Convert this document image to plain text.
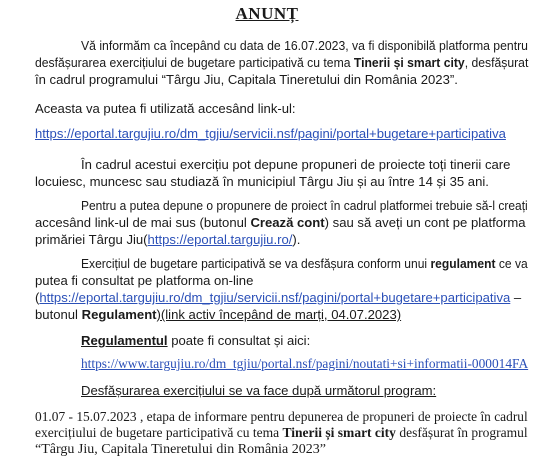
ANUNȚ
Vă informăm ca începând cu data de 16.07.2023, va fi disponibilă platforma pentru
desfășurarea exercițiului de bugetare participativă cu tema Tinerii și smart city, desfășurat
în cadrul programului “Târgu Jiu, Capitala Tineretului din România 2023”.
Aceasta va putea fi utilizată accesând link-ul:
https://eportal.targujiu.ro/dm_tgjiu/servicii.nsf/pagini/portal+bugetare+participativa
În cadrul acestui exercițiu pot depune propuneri de proiecte toți tinerii care
locuiesc, muncesc sau studiază în municipiul Târgu Jiu și au între 14 și 35 ani.
Pentru a putea depune o propunere de proiect în cadrul platformei trebuie să-l creați
accesând link-ul de mai sus (butonul Crează cont) sau să aveți un cont pe platforma
primăriei Târgu Jiu(https://eportal.targujiu.ro/).
Exercițiul de bugetare participativă se va desfășura conform unui regulament ce va
putea fi consultat pe platforma on-line
(https://eportal.targujiu.ro/dm_tgjiu/servicii.nsf/pagini/portal+bugetare+participativa –
butonul Regulament)(link activ începând de marți, 04.07.2023)
Regulamentul poate fi consultat și aici:
https://www.targujiu.ro/dm_tgjiu/portal.nsf/pagini/noutati+si+informatii-000014FA
Desfășurarea exercițiului se va face după următorul program:
01.07 - 15.07.2023 , etapa de informare pentru depunerea de propuneri de proiecte în cadrul
exercițiului de bugetare participativă cu tema Tinerii și smart city desfășurat în programul
“Târgu Jiu, Capitala Tineretului din România 2023”
